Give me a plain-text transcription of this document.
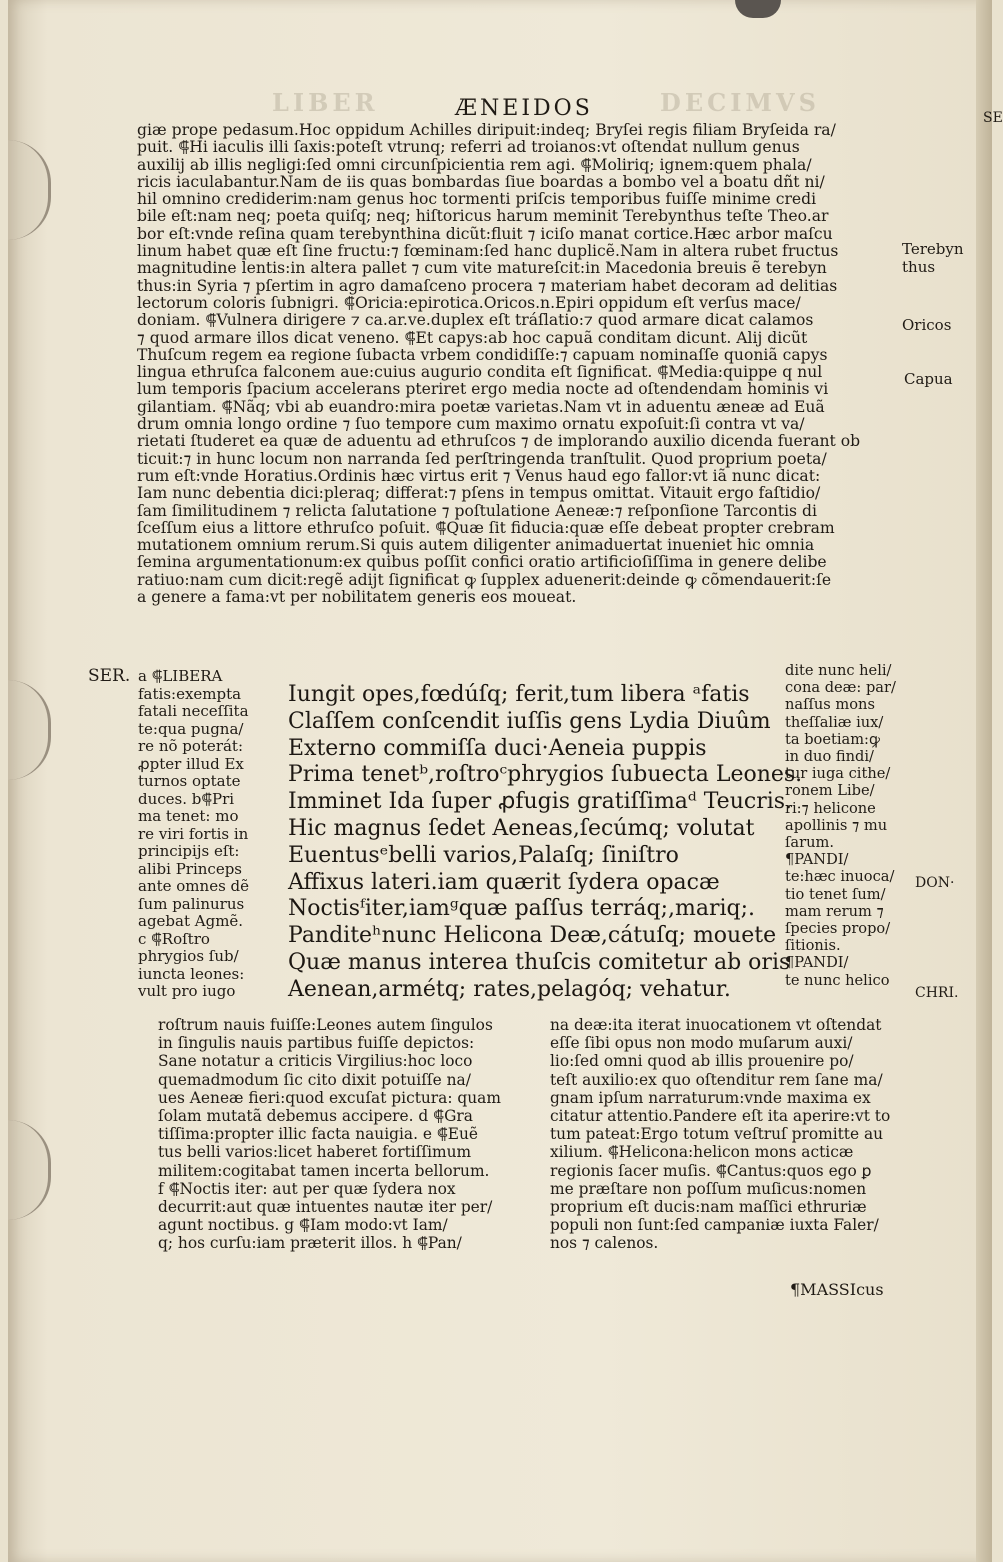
LIBER	DECIMVS
ÆNEIDOS	SE
giæ prope pedasum.Hoc oppidum Achilles diripuit:indeq; Bryſei regis filiam Bryſeida ra/
puit. ⸿Hi iaculis illi ſaxis:poteſt vtrunq; referri ad troianos:vt oſtendat nullum genus
auxilij ab illis negligi:ſed omni circunſpicientia rem agi. ⸿Moliriq; ignem:quem phala/
ricis iaculabantur.Nam de iis quas bombardas ſiue boardas a bombo vel a boatu dñt ni/
hil omnino crediderim:nam genus hoc tormenti priſcis temporibus fuiſſe minime credi
bile eſt:nam neq; poeta quiſq; neq; hiſtoricus harum meminit Terebynthus teſte Theo.ar
bor eſt:vnde reſina quam terebynthina dicũt:fluit ⁊ iciſo manat cortice.Hæc arbor maſcu
linum habet quæ eſt ſine fructu:⁊ fœminam:ſed hanc duplicẽ.Nam in altera rubet fructus
magnitudine lentis:in altera pallet ⁊ cum vite matureſcit:in Macedonia breuis ẽ terebyn
thus:in Syria ⁊ pſertim in agro damaſceno procera ⁊ materiam habet decoram ad delitias
lectorum coloris ſubnigri. ⸿Oricia:epirotica.Oricos.n.Epiri oppidum eſt verſus mace/
doniam. ⸿Vulnera dirigere ⁊ ca.ar.ve.duplex eſt tráſlatio:⁊ quod armare dicat calamos
⁊ quod armare illos dicat veneno. ⸿Et capys:ab hoc capuã conditam dicunt. Alij dicũt
Thuſcum regem ea regione ſubacta vrbem condidiſſe:⁊ capuam nominaſſe quoniã capys
lingua ethruſca falconem aue:cuius augurio condita eſt ſignificat. ⸿Media:quippe q nul
lum temporis ſpacium accelerans pteriret ergo media nocte ad oſtendendam hominis vi
gilantiam. ⸿Nãq; vbi ab euandro:mira poetæ varietas.Nam vt in aduentu æneæ ad Euã
drum omnia longo ordine ⁊ ſuo tempore cum maximo ornatu expoſuit:ſi contra vt va/
rietati ſtuderet ea quæ de aduentu ad ethruſcos ⁊ de implorando auxilio dicenda fuerant ob
ticuit:⁊ in hunc locum non narranda ſed perſtringenda tranſtulit. Quod proprium poeta/
rum eſt:vnde Horatius.Ordinis hæc virtus erit ⁊ Venus haud ego fallor:vt iã nunc dicat:
Iam nunc debentia dici:pleraq; differat:⁊ pſens in tempus omittat. Vitauit ergo faſtidio/
ſam ſimilitudinem ⁊ relicta ſalutatione ⁊ poſtulatione Aeneæ:⁊ reſponſione Tarcontis di
ſceſſum eius a littore ethruſco poſuit. ⸿Quæ ſit fiducia:quæ eſſe debeat propter crebram
mutationem omnium rerum.Si quis autem diligenter animaduertat inueniet hic omnia
ſemina argumentationum:ex quibus poſſit confici oratio artificioſiſſima in genere delibe
ratiuo:nam cum dicit:regẽ adijt ſignificat ꝙ ſupplex aduenerit:deinde ꝙ cõmendauerit:ſe
a genere a fama:vt per nobilitatem generis eos moueat.
Terebyn
thus
Oricos
Capua
SER. a ⸿LIBERA
fatis:exempta
fatali neceſſita
te:qua pugna/
re nõ poterát:
ꝓpter illud Ex
turnos optate
duces. b⸿Pri
ma tenet: mo
re viri fortis in
principijs eſt:
alibi Princeps
ante omnes dẽ
ſum palinurus
agebat Agmẽ.
c ⸿Roſtro
phrygios ſub/
iuncta leones:
vult pro iugo
Iungit opes,fœdúſq; ferit,tum libera ᵃfatis
Claſſem conſcendit iuſſis gens Lydia Diuûm
Externo commiſſa duci·Aeneia puppis
Prima tenetᵇ,roſtroᶜphrygios ſubuecta Leones.
Imminet Ida ſuper ꝓfugis gratiſſimaᵈ Teucris.
Hic magnus ſedet Aeneas,ſecúmq; volutat
Euentusᵉbelli varios,Palaſq; ſiniſtro
Affixus lateri.iam quærit ſydera opacæ
Noctisᶠiter,iamᵍquæ paſſus terráq;,mariq;.
Panditeʰnunc Helicona Deæ,cátuſq; mouete
Quæ manus interea thuſcis comitetur ab oris
Aenean,armétq; rates,pelagóq; vehatur.
dite nunc heli/
cona deæ: par/
naſſus mons
theſſaliæ iux/
ta boetiam:ꝙ
in duo findi/
tur iuga cithe/
ronem Libe/
ri:⁊ helicone
apollinis ⁊ mu
ſarum.
¶PANDI/
te:hæc inuoca/
tio tenet ſum/
mam rerum ⁊
ſpecies propo/
ſitionis.
¶PANDI/
te nunc helico
DON·
CHRI.
roſtrum nauis fuiſſe:Leones autem ſingulos
in ſingulis nauis partibus fuiſſe depictos:
Sane notatur a criticis Virgilius:hoc loco
quemadmodum ſic cito dixit potuiſſe na/
ues Aeneæ fieri:quod excuſat pictura: quam
ſolam mutatã debemus accipere. d ⸿Gra
tiſſima:propter illic facta nauigia. e ⸿Euẽ
tus belli varios:licet haberet fortiſſimum
militem:cogitabat tamen incerta bellorum.
f ⸿Noctis iter: aut per quæ ſydera nox
decurrit:aut quæ intuentes nautæ iter per/
agunt noctibus. g ⸿Iam modo:vt Iam/
q; hos curſu:iam præterit illos. h ⸿Pan/
na deæ:ita iterat inuocationem vt oſtendat
eſſe ſibi opus non modo muſarum auxi/
lio:ſed omni quod ab illis prouenire po/
teſt auxilio:ex quo oſtenditur rem ſane ma/
gnam ipſum narraturum:vnde maxima ex
citatur attentio.Pandere eſt ita aperire:vt to
tum pateat:Ergo totum veſtruſ promitte au
xilium. ⸿Helicona:helicon mons acticæ
regionis ſacer muſis. ⸿Cantus:quos ego ꝑ
me præſtare non poſſum muſicus:nomen
proprium eſt ducis:nam maſſici ethruriæ
populi non ſunt:ſed campaniæ iuxta Faler/
nos ⁊ calenos.
¶MASSIcus
